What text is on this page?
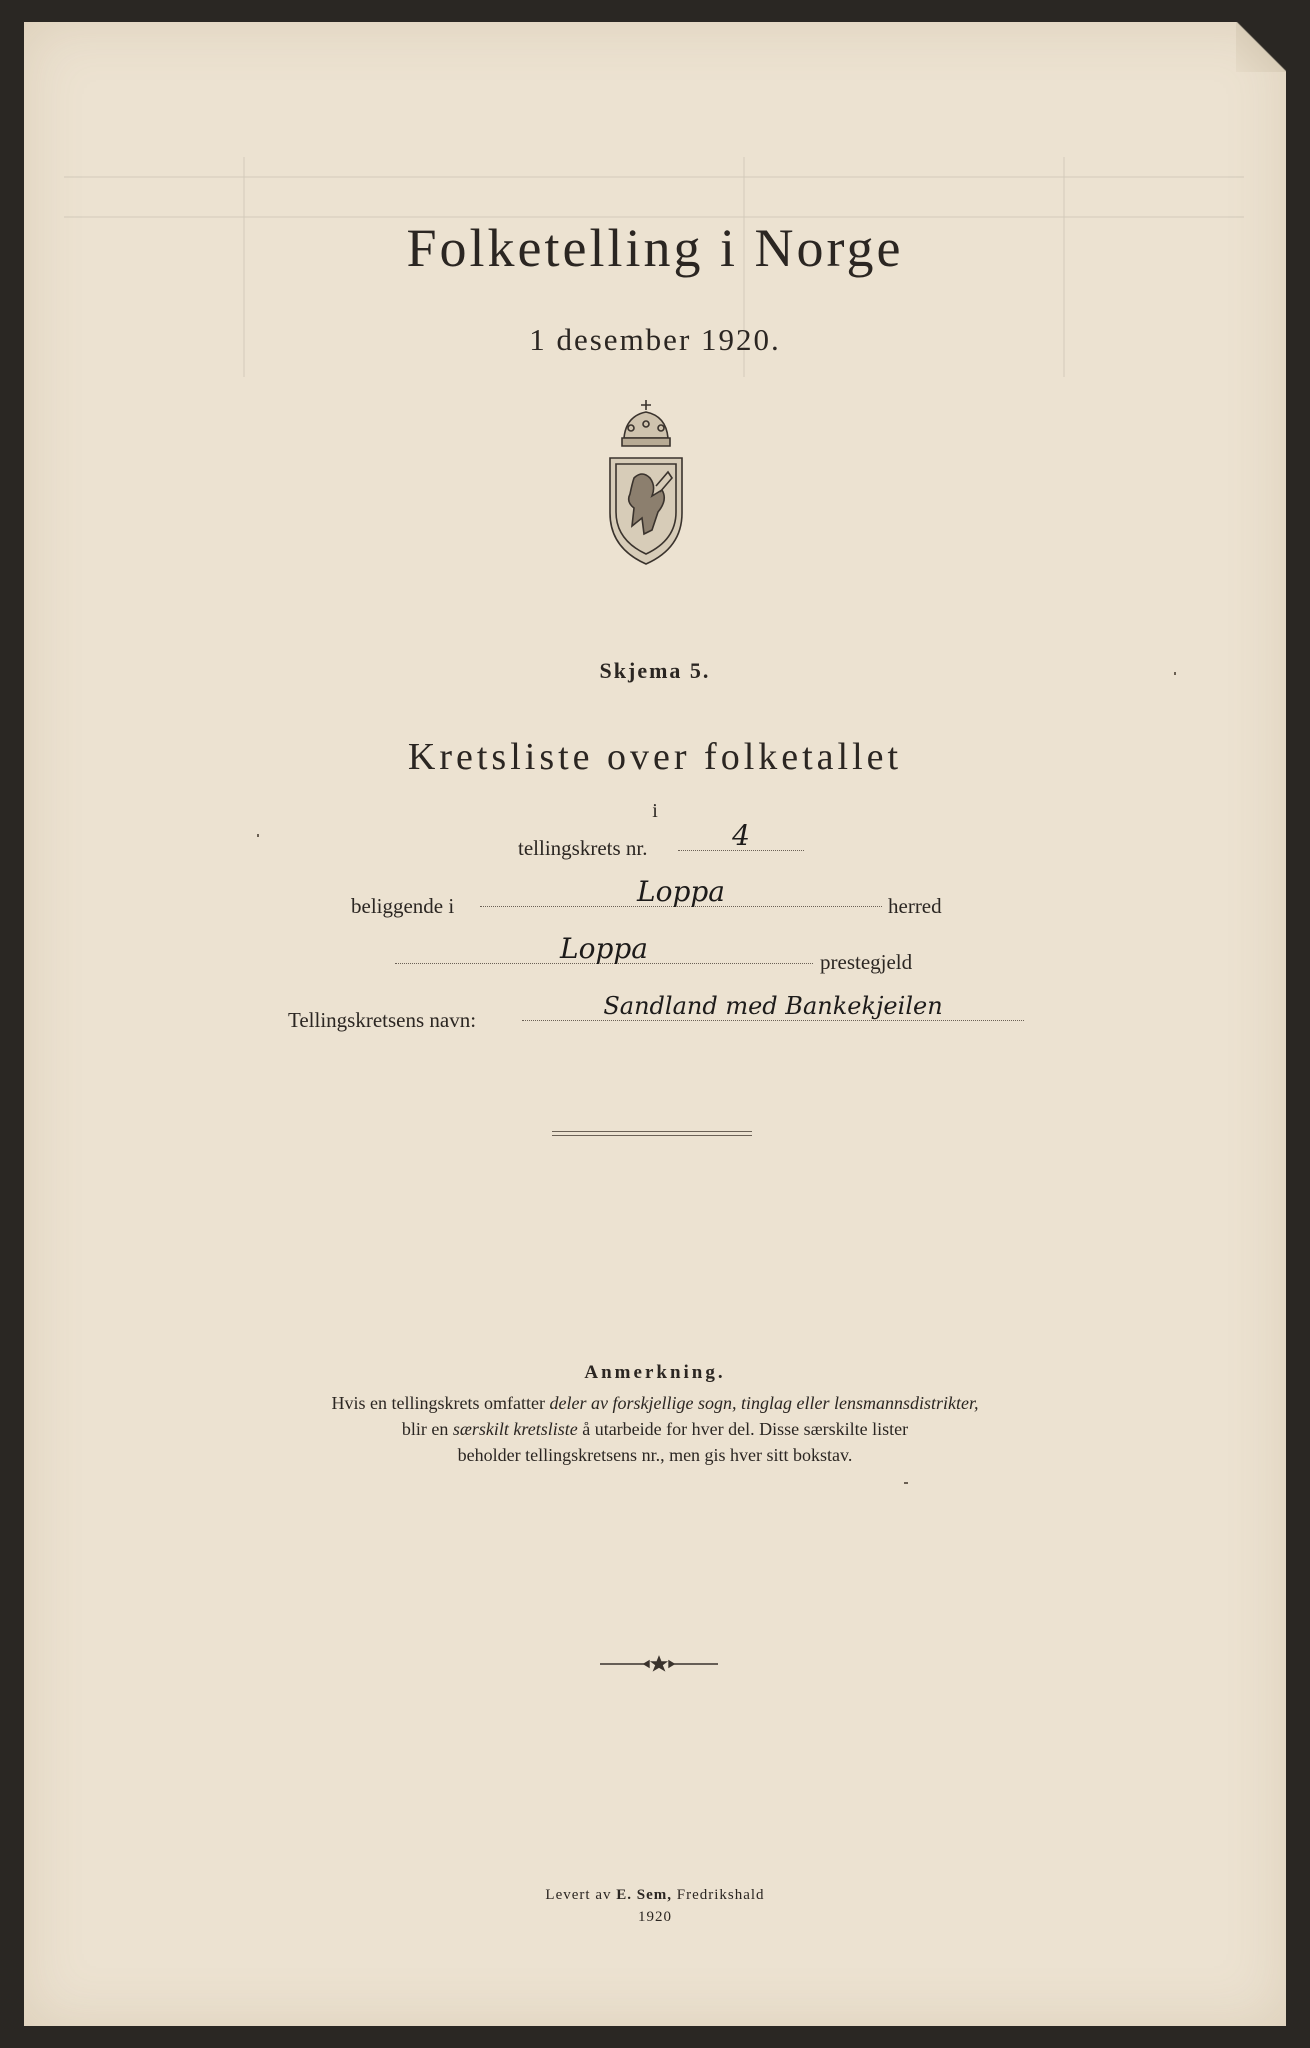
Folketelling i Norge
1 desember 1920.
Skjema 5.
Kretsliste over folketallet
i
tellingskrets nr.	4
beliggende i	Loppa	herred
Loppa	prestegjeld
Tellingskretsens navn:	Sandland med Bankekjeilen
Anmerkning.
Hvis en tellingskrets omfatter deler av forskjellige sogn, tinglag eller lensmannsdistrikter,
blir en særskilt kretsliste å utarbeide for hver del. Disse særskilte lister
beholder tellingskretsens nr., men gis hver sitt bokstav.
Levert av E. Sem, Fredrikshald
1920
